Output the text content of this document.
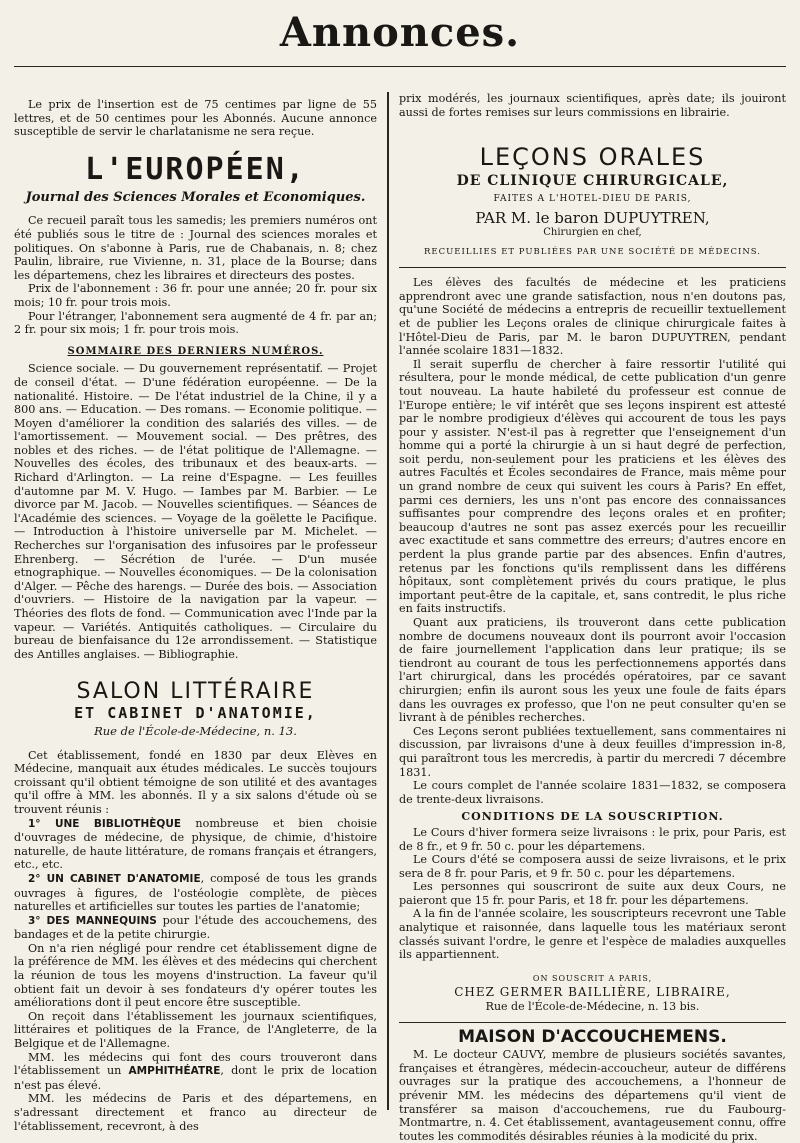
Annonces.

Le prix de l'insertion est de 75 centimes par ligne de 55 lettres, et de 50 centimes pour les Abonnés. Aucune annonce susceptible de servir le charlatanisme ne sera reçue.

L'EUROPÉEN,
Journal des Sciences Morales et Economiques.

Ce recueil paraît tous les samedis; les premiers numéros ont été publiés sous le titre de : Journal des sciences morales et politiques. On s'abonne à Paris, rue de Chabanais, n. 8; chez Paulin, libraire, rue Vivienne, n. 31, place de la Bourse; dans les départemens, chez les libraires et directeurs des postes.

Prix de l'abonnement : 36 fr. pour une année; 20 fr. pour six mois; 10 fr. pour trois mois.

Pour l'étranger, l'abonnement sera augmenté de 4 fr. par an; 2 fr. pour six mois; 1 fr. pour trois mois.

SOMMAIRE DES DERNIERS NUMÉROS.

Science sociale. — Du gouvernement représentatif. — Projet de conseil d'état. — D'une fédération européenne. — De la nationalité. Histoire. — De l'état industriel de la Chine, il y a 800 ans. — Education. — Des romans. — Economie politique. — Moyen d'améliorer la condition des salariés des villes. — de l'amortissement. — Mouvement social. — Des prêtres, des nobles et des riches. — de l'état politique de l'Allemagne. — Nouvelles des écoles, des tribunaux et des beaux-arts. — Richard d'Arlington. — La reine d'Espagne. — Les feuilles d'automne par M. V. Hugo. — Iambes par M. Barbier. — Le divorce par M. Jacob. — Nouvelles scientifiques. — Séances de l'Académie des sciences. — Voyage de la goëlette le Pacifique. — Introduction à l'histoire universelle par M. Michelet. — Recherches sur l'organisation des infusoires par le professeur Ehrenberg. — Sécrétion de l'urée. — D'un musée etnographique. — Nouvelles économiques. — De la colonisation d'Alger. — Pêche des harengs. — Durée des bois. — Association d'ouvriers. — Histoire de la navigation par la vapeur. — Théories des flots de fond. — Communication avec l'Inde par la vapeur. — Variétés. Antiquités catholiques. — Circulaire du bureau de bienfaisance du 12e arrondissement. — Statistique des Antilles anglaises. — Bibliographie.

SALON LITTÉRAIRE
ET CABINET D'ANATOMIE,
Rue de l'École-de-Médecine, n. 13.

Cet établissement, fondé en 1830 par deux Elèves en Médecine, manquait aux études médicales. Le succès toujours croissant qu'il obtient témoigne de son utilité et des avantages qu'il offre à MM. les abonnés. Il y a six salons d'étude où se trouvent réunis :

1° UNE BIBLIOTHÈQUE nombreuse et bien choisie d'ouvrages de médecine, de physique, de chimie, d'histoire naturelle, de haute littérature, de romans français et étrangers, etc., etc.

2° UN CABINET D'ANATOMIE, composé de tous les grands ouvrages à figures, de l'ostéologie complète, de pièces naturelles et artificielles sur toutes les parties de l'anatomie;

3° DES MANNEQUINS pour l'étude des accouchemens, des bandages et de la petite chirurgie.

On n'a rien négligé pour rendre cet établissement digne de la préférence de MM. les élèves et des médecins qui cherchent la réunion de tous les moyens d'instruction. La faveur qu'il obtient fait un devoir à ses fondateurs d'y opérer toutes les améliorations dont il peut encore être susceptible.

On reçoit dans l'établissement les journaux scientifiques, littéraires et politiques de la France, de l'Angleterre, de la Belgique et de l'Allemagne.

MM. les médecins qui font des cours trouveront dans l'établissement un AMPHITHÉATRE, dont le prix de location n'est pas élevé.

MM. les médecins de Paris et des départemens, en s'adressant directement et franco au directeur de l'établissement, recevront, à des

prix modérés, les journaux scientifiques, après date; ils jouiront aussi de fortes remises sur leurs commissions en librairie.

LEÇONS ORALES
DE CLINIQUE CHIRURGICALE,
FAITES A L'HOTEL-DIEU DE PARIS,
PAR M. le baron DUPUYTREN,
Chirurgien en chef,
RECUEILLIES ET PUBLIÉES PAR UNE SOCIÉTÉ DE MÉDECINS.

Les élèves des facultés de médecine et les praticiens apprendront avec une grande satisfaction, nous n'en doutons pas, qu'une Société de médecins a entrepris de recueillir textuellement et de publier les Leçons orales de clinique chirurgicale faites à l'Hôtel-Dieu de Paris, par M. le baron DUPUYTREN, pendant l'année scolaire 1831—1832.

Il serait superflu de chercher à faire ressortir l'utilité qui résultera, pour le monde médical, de cette publication d'un genre tout nouveau. La haute habileté du professeur est connue de l'Europe entière; le vif intérêt que ses leçons inspirent est attesté par le nombre prodigieux d'élèves qui accourent de tous les pays pour y assister. N'est-il pas à regretter que l'enseignement d'un homme qui a porté la chirurgie à un si haut degré de perfection, soit perdu, non-seulement pour les praticiens et les élèves des autres Facultés et Écoles secondaires de France, mais même pour un grand nombre de ceux qui suivent les cours à Paris? En effet, parmi ces derniers, les uns n'ont pas encore des connaissances suffisantes pour comprendre des leçons orales et en profiter; beaucoup d'autres ne sont pas assez exercés pour les recueillir avec exactitude et sans commettre des erreurs; d'autres encore en perdent la plus grande partie par des absences. Enfin d'autres, retenus par les fonctions qu'ils remplissent dans les différens hôpitaux, sont complètement privés du cours pratique, le plus important peut-être de la capitale, et, sans contredit, le plus riche en faits instructifs.

Quant aux praticiens, ils trouveront dans cette publication nombre de documens nouveaux dont ils pourront avoir l'occasion de faire journellement l'application dans leur pratique; ils se tiendront au courant de tous les perfectionnemens apportés dans l'art chirurgical, dans les procédés opératoires, par ce savant chirurgien; enfin ils auront sous les yeux une foule de faits épars dans les ouvrages ex professo, que l'on ne peut consulter qu'en se livrant à de pénibles recherches.

Ces Leçons seront publiées textuellement, sans commentaires ni discussion, par livraisons d'une à deux feuilles d'impression in-8, qui paraîtront tous les mercredis, à partir du mercredi 7 décembre 1831.

Le cours complet de l'année scolaire 1831—1832, se composera de trente-deux livraisons.

CONDITIONS DE LA SOUSCRIPTION.

Le Cours d'hiver formera seize livraisons : le prix, pour Paris, est de 8 fr., et 9 fr. 50 c. pour les départemens.

Le Cours d'été se composera aussi de seize livraisons, et le prix sera de 8 fr. pour Paris, et 9 fr. 50 c. pour les départemens.

Les personnes qui souscriront de suite aux deux Cours, ne paieront que 15 fr. pour Paris, et 18 fr. pour les départemens.

A la fin de l'année scolaire, les souscripteurs recevront une Table analytique et raisonnée, dans laquelle tous les matériaux seront classés suivant l'ordre, le genre et l'espèce de maladies auxquelles ils appartiennent.

ON SOUSCRIT A PARIS,
CHEZ GERMER BAILLIÈRE, LIBRAIRE,
Rue de l'École-de-Médecine, n. 13 bis.
MAISON D'ACCOUCHEMENS.

M. Le docteur CAUVY, membre de plusieurs sociétés savantes, françaises et étrangères, médecin-accoucheur, auteur de différens ouvrages sur la pratique des accouchemens, a l'honneur de prévenir MM. les médecins des départemens qu'il vient de transférer sa maison d'accouchemens, rue du Faubourg-Montmartre, n. 4. Cet établissement, avantageusement connu, offre toutes les commodités désirables réunies à la modicité du prix.
